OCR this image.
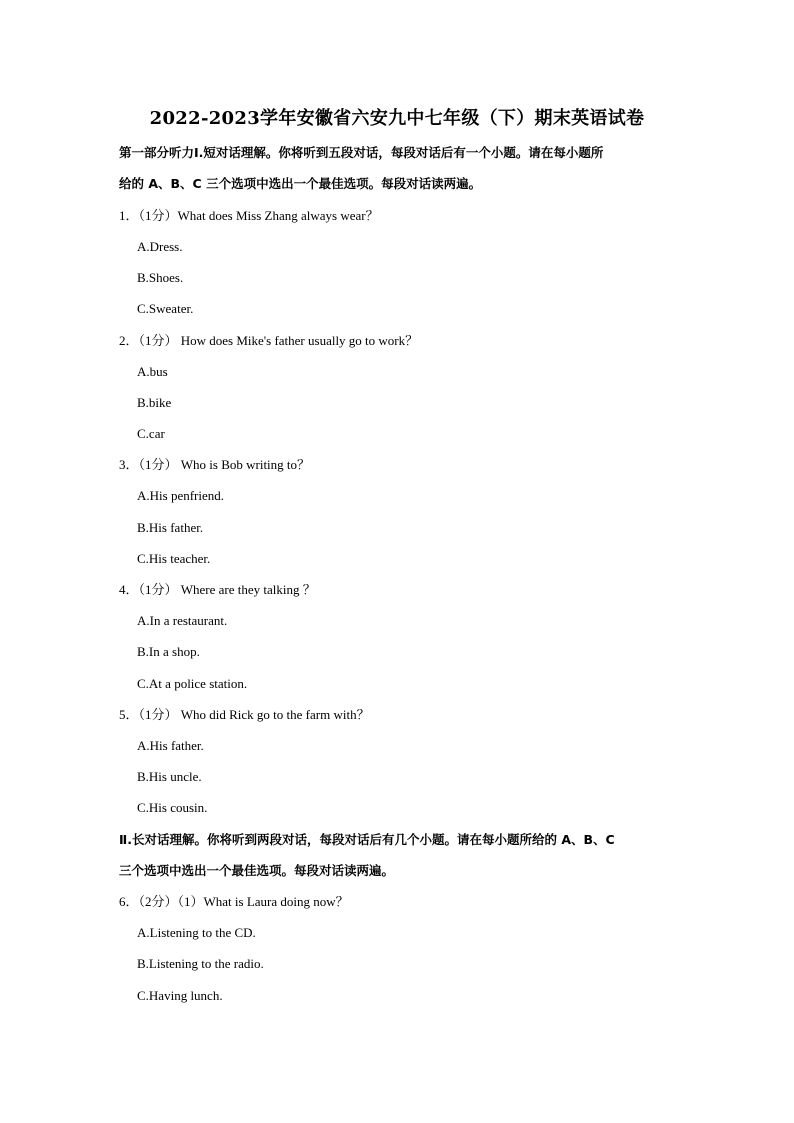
2022-2023学年安徽省六安九中七年级（下）期末英语试卷
第一部分听力Ⅰ.短对话理解。你将听到五段对话，每段对话后有一个小题。请在每小题所
给的 A、B、C 三个选项中选出一个最佳选项。每段对话读两遍。
1．（1分）What does Miss Zhang always wear？
A.Dress.
B.Shoes.
C.Sweater.
2．（1分） How does Mike's father usually go to work？
A.bus
B.bike
C.car
3．（1分） Who is Bob writing to？
A.His penfriend.
B.His father.
C.His teacher.
4．（1分） Where are they talking ？
A.In a restaurant.
B.In a shop.
C.At a police station.
5．（1分） Who did Rick go to the farm with？
A.His father.
B.His uncle.
C.His cousin.
Ⅱ.长对话理解。你将听到两段对话，每段对话后有几个小题。请在每小题所给的 A、B、C
三个选项中选出一个最佳选项。每段对话读两遍。
6．（2分）（1）What is Laura doing now？
A.Listening to the CD.
B.Listening to the radio.
C.Having lunch.
